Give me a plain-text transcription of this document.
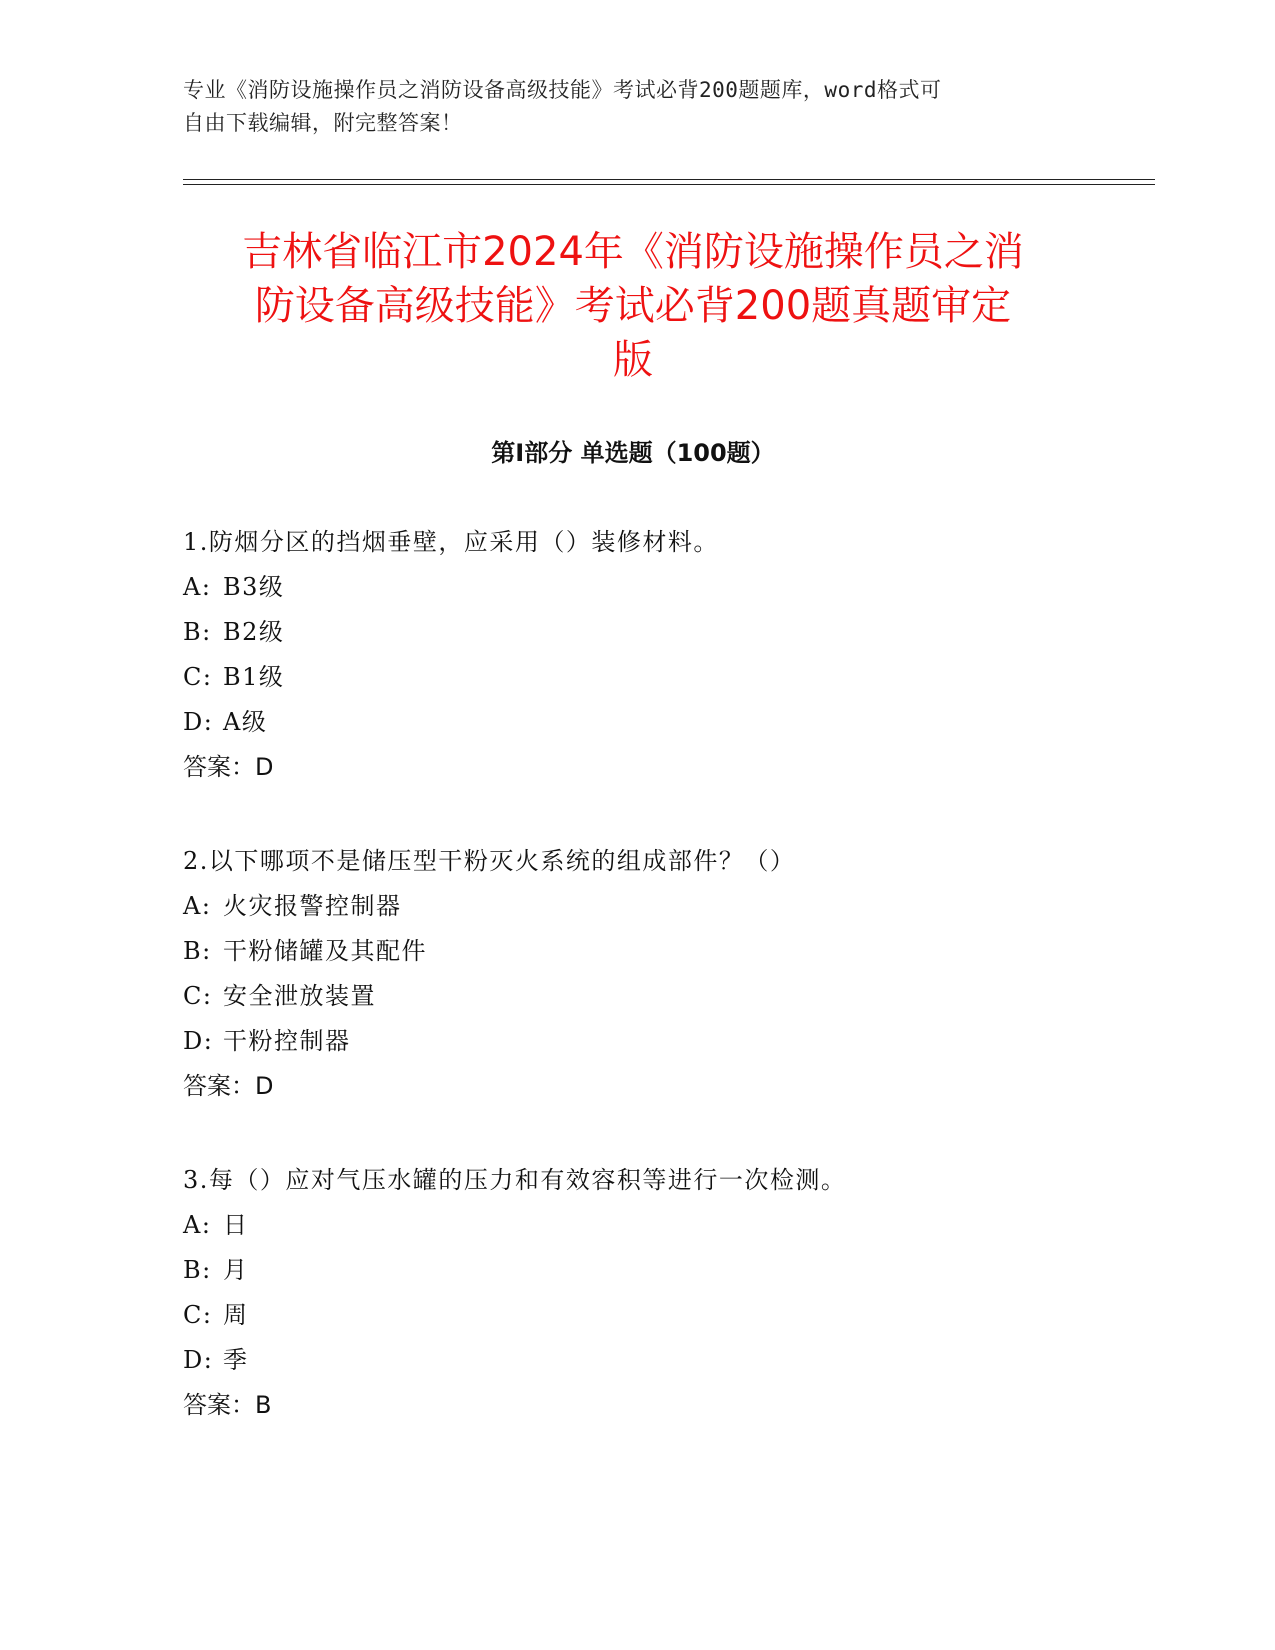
专业《消防设施操作员之消防设备高级技能》考试必背200题题库，word格式可
自由下载编辑，附完整答案！
吉林省临江市2024年《消防设施操作员之消
防设备高级技能》考试必背200题真题审定
版
第Ⅰ部分 单选题（100题）
1.防烟分区的挡烟垂壁，应采用（）装修材料。
A: B3级
B: B2级
C: B1级
D: A级
答案：D
2.以下哪项不是储压型干粉灭火系统的组成部件？（）
A: 火灾报警控制器
B: 干粉储罐及其配件
C: 安全泄放装置
D: 干粉控制器
答案：D
3.每（）应对气压水罐的压力和有效容积等进行一次检测。
A: 日
B: 月
C: 周
D: 季
答案：B
